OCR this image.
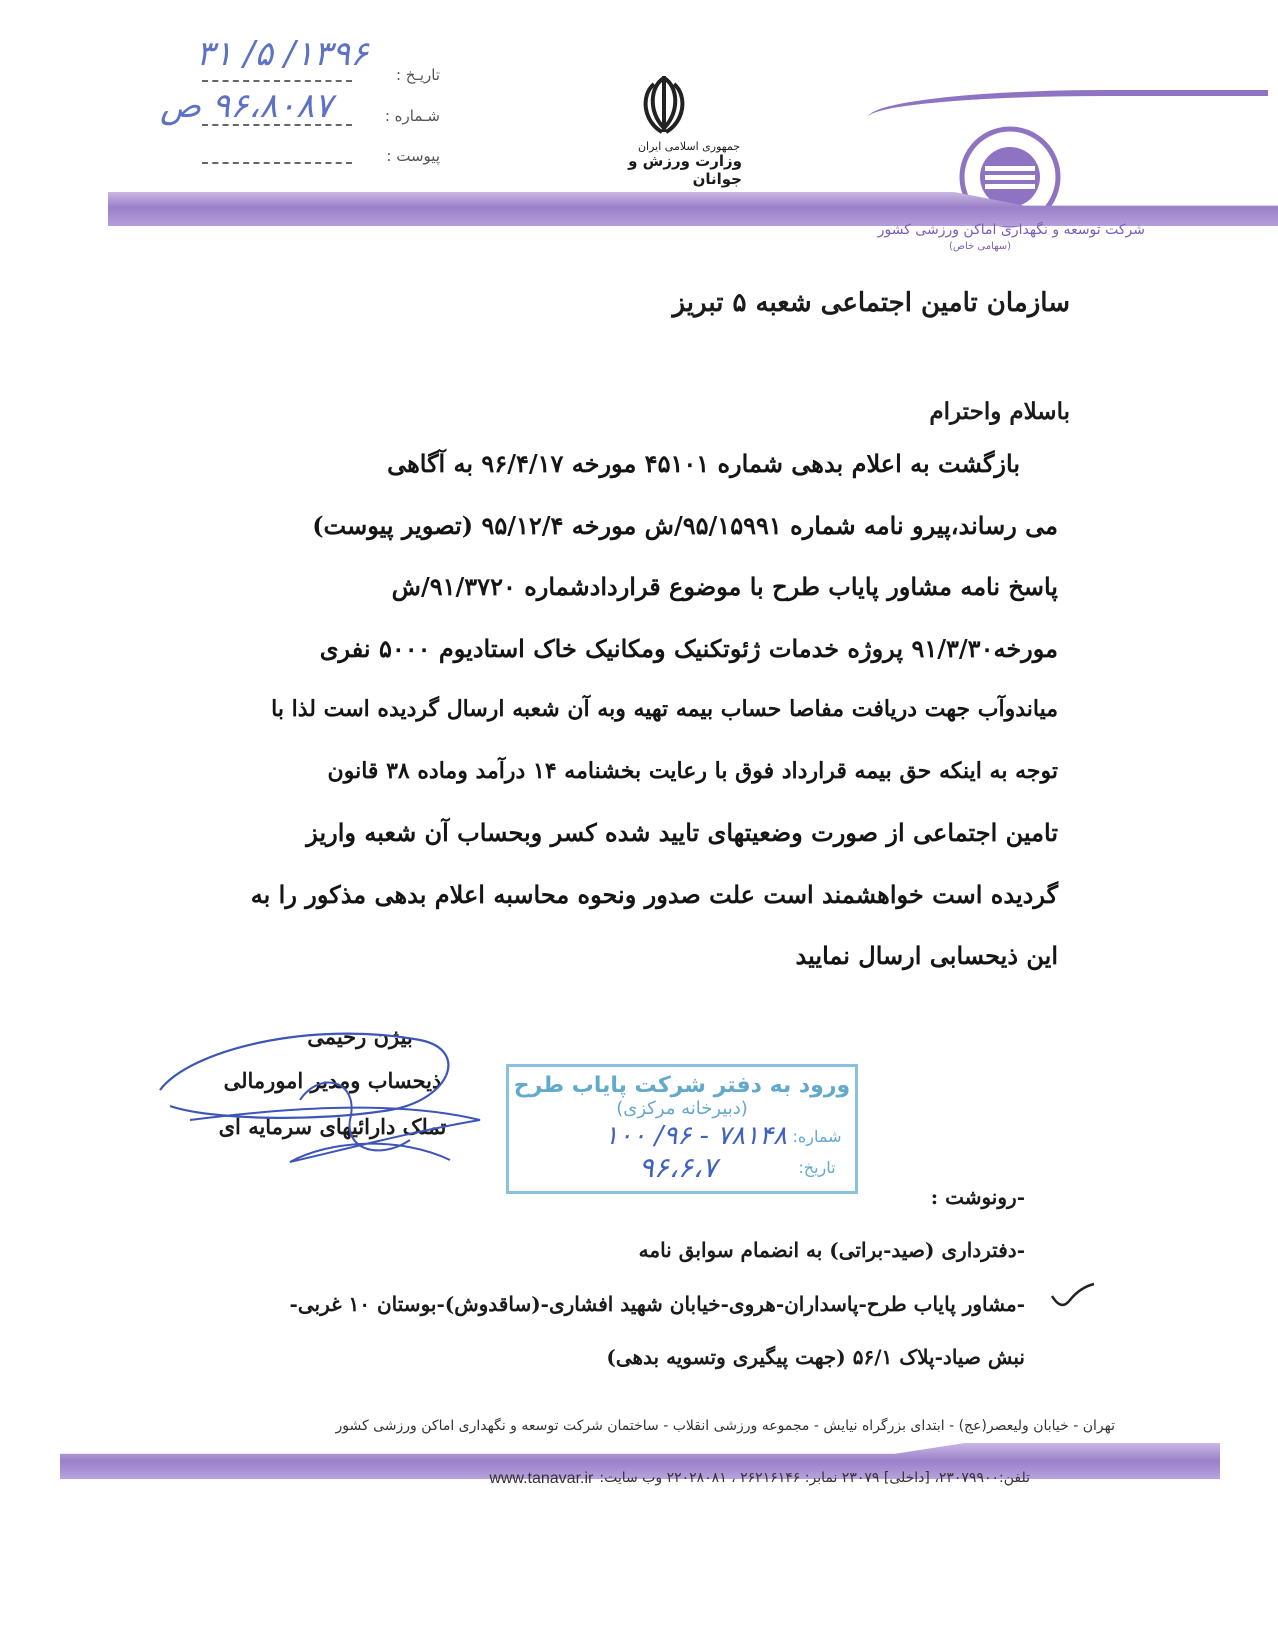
۱۳۹۶/ ۵/ ۳۱
تاریـخ :
۹۶،۸۰۸۷ ص	شـماره :
پیوست :
جمهوری اسلامی ایران
وزارت ورزش و جوانان
شرکت توسعه و نگهداری اماکن ورزشی کشور
(سهامی خاص)
سازمان تامین اجتماعی شعبه ۵ تبریز
باسلام واحترام
بازگشت به اعلام بدهی شماره ۴۵۱۰۱ مورخه ۹۶/۴/۱۷ به آگاهی
می رساند،پیرو نامه شماره ۹۵/۱۵۹۹۱/ش مورخه ۹۵/۱۲/۴ (تصویر پیوست)
پاسخ نامه مشاور پایاب طرح با موضوع قراردادشماره ۹۱/۳۷۲۰/ش
مورخه۹۱/۳/۳۰ پروژه خدمات ژئوتکنیک ومکانیک خاک استادیوم ۵۰۰۰ نفری
میاندوآب جهت دریافت مفاصا حساب بیمه تهیه وبه آن شعبه ارسال گردیده است لذا با
توجه به اینکه حق بیمه قرارداد فوق با رعایت بخشنامه ۱۴ درآمد وماده ۳۸ قانون
تامین اجتماعی از صورت وضعیتهای تایید شده کسر وبحساب آن شعبه واریز
گردیده است خواهشمند است علت صدور ونحوه محاسبه اعلام بدهی مذکور را به
این ذیحسابی ارسال نمایید
بیژن رحیمی
ذیحساب ومدیر امورمالی
تملک دارائیهای سرمایه ای
ورود به دفتر شرکت پایاب طرح
(دبیرخانه مرکزی)
شماره:
۷۸۱۴۸ - ۹۶/ ۱۰۰
تاریخ:
۹۶،۶،۷
-رونوشت :
-دفترداری (صید-براتی) به انضمام سوابق نامه
-مشاور پایاب طرح-پاسداران-هروی-خیابان شهید افشاری-(ساقدوش)-بوستان ۱۰ غربی-
نبش صیاد-پلاک ۵۶/۱ (جهت پیگیری وتسویه بدهی)
تهران - خیابان ولیعصر(عج) - ابتدای بزرگراه نیایش - مجموعه ورزشی انقلاب - ساختمان شرکت توسعه و نگهداری اماکن ورزشی کشور
تلفن:۲۳۰۷۹۹۰۰، [داخلی] ۲۳۰۷۹ نمابر: ۲۶۲۱۶۱۴۶ ، ۲۲۰۲۸۰۸۱ وب سایت:
www.tanavar.ir
